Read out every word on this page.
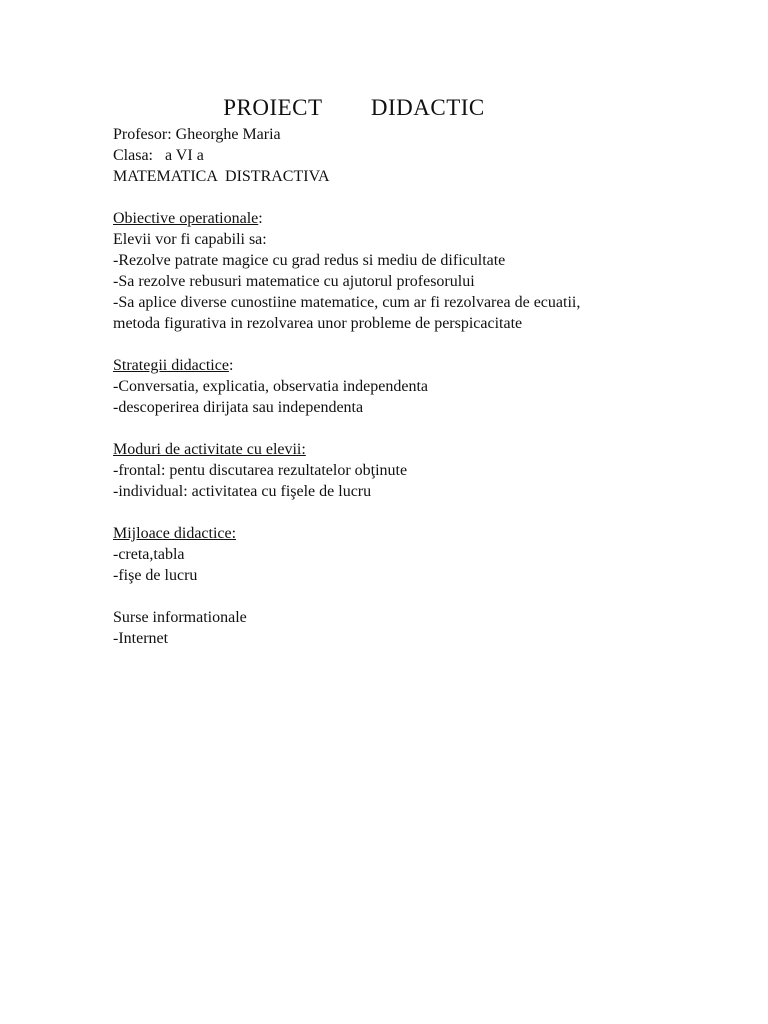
PROIECT   DIDACTIC
Profesor: Gheorghe Maria
Clasa:   a VI a
MATEMATICA  DISTRACTIVA
Obiective operationale:
Elevii vor fi capabili sa:
-Rezolve patrate magice cu grad redus si mediu de dificultate
-Sa rezolve rebusuri matematice cu ajutorul profesorului
-Sa aplice diverse cunostiine matematice, cum ar fi rezolvarea de ecuatii,
metoda figurativa in rezolvarea unor probleme de perspicacitate
Strategii didactice:
-Conversatia, explicatia, observatia independenta
-descoperirea dirijata sau independenta
Moduri de activitate cu elevii:
-frontal: pentu discutarea rezultatelor obţinute
-individual: activitatea cu fişele de lucru
Mijloace didactice:
-creta,tabla
-fişe de lucru
Surse informationale
-Internet
